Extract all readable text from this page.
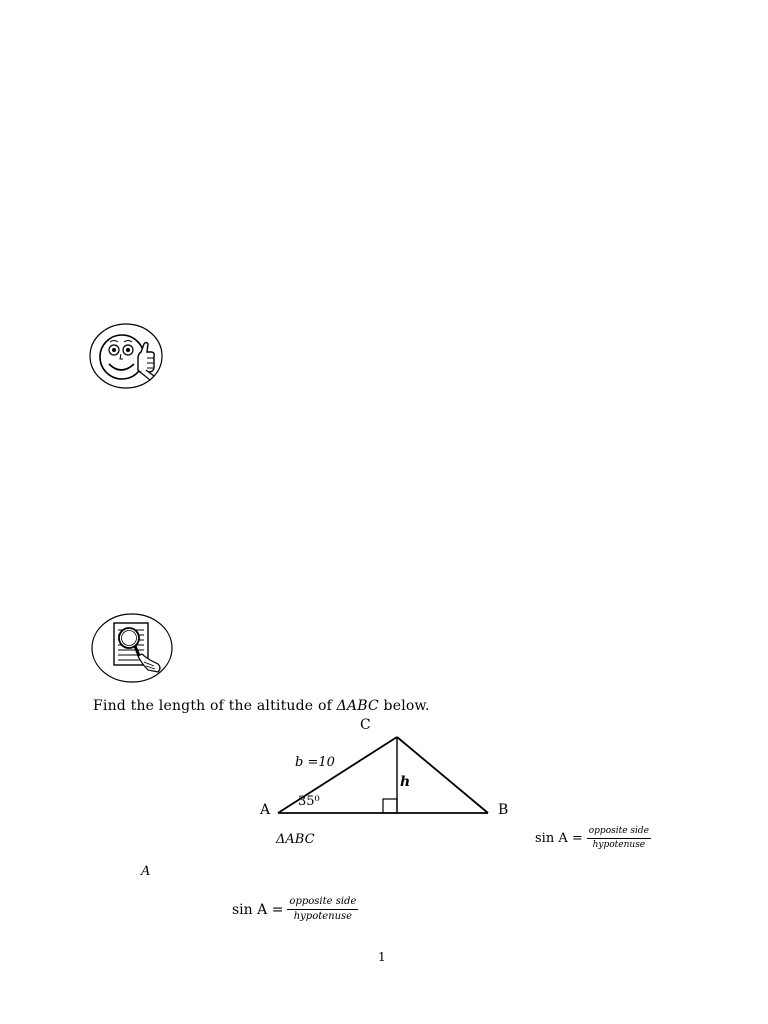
Find the length of the altitude of ΔABC below.
C
A	B
b =10
h
35⁰
ΔABC	$\sin A = \frac{\text{opposite side}}{\text{hypotenuse}}$
A
$\sin A = \frac{\text{opposite side}}{\text{hypotenuse}}$
1
